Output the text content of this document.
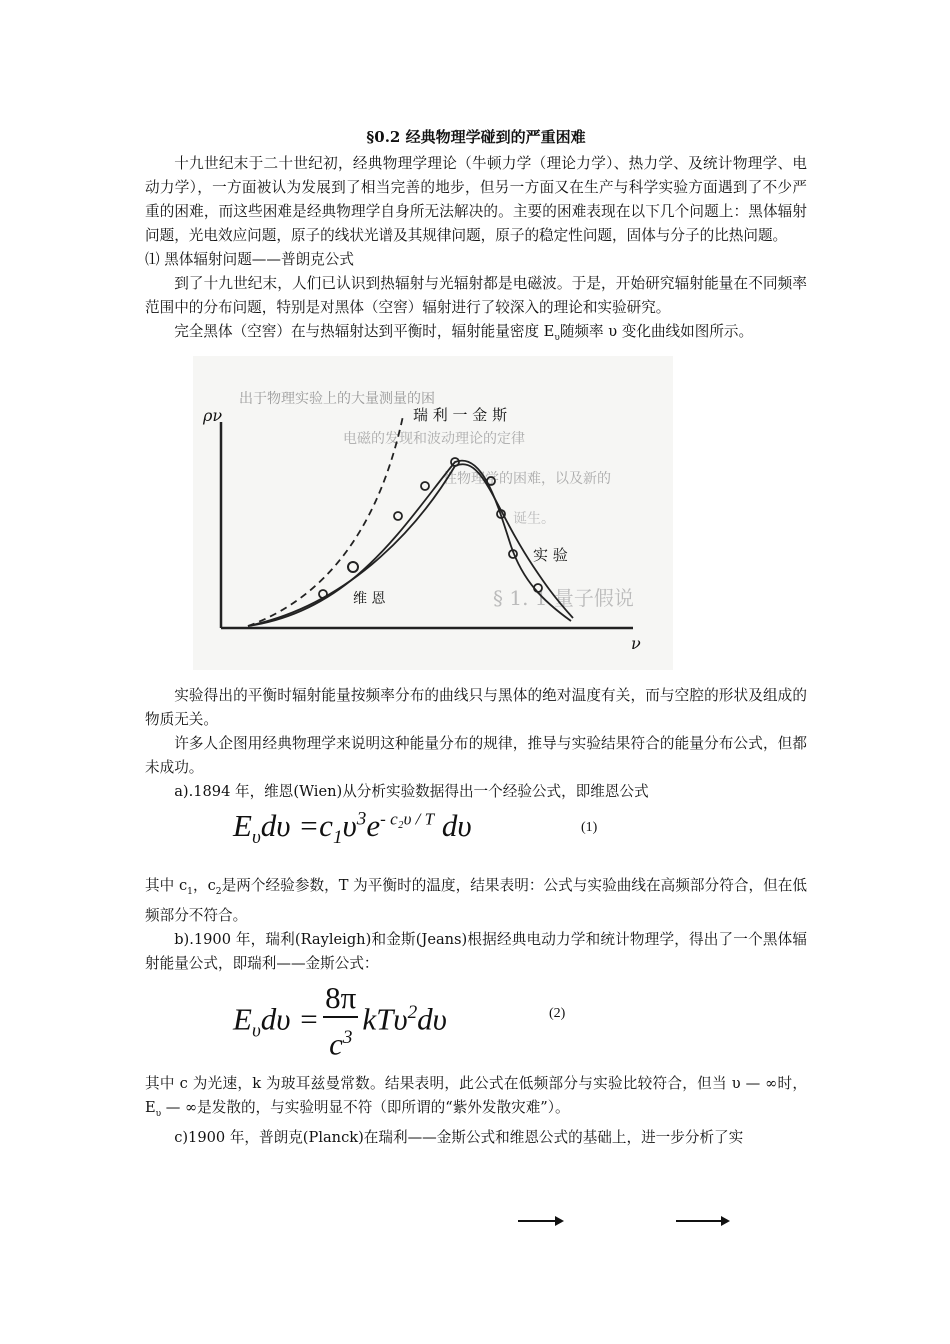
§0.2 经典物理学碰到的严重困难

十九世纪末于二十世纪初，经典物理学理论（牛顿力学（理论力学）、热力学、及统计物理学、电动力学），一方面被认为发展到了相当完善的地步，但另一方面又在生产与科学实验方面遇到了不少严重的困难，而这些困难是经典物理学自身所无法解决的。主要的困难表现在以下几个问题上：黑体辐射问题，光电效应问题，原子的线状光谱及其规律问题，原子的稳定性问题，固体与分子的比热问题。

⑴ 黑体辐射问题——普朗克公式

到了十九世纪末，人们已认识到热辐射与光辐射都是电磁波。于是，开始研究辐射能量在不同频率范围中的分布问题，特别是对黑体（空窖）辐射进行了较深入的理论和实验研究。

完全黑体（空窖）在与热辐射达到平衡时，辐射能量密度 $E_\upsilon$随频率 υ 变化曲线如图所示。

出于物理实验上的大量测量的困
电磁的发现和波动理论的定律
性物理学的困难，以及新的
诞生。
§ 1. 1 量子假说
ρν
ν
瑞 利 一 金 斯
实 验
维 恩

实验得出的平衡时辐射能量按频率分布的曲线只与黑体的绝对温度有关，而与空腔的形状及组成的物质无关。

许多人企图用经典物理学来说明这种能量分布的规律，推导与实验结果符合的能量分布公式，但都未成功。

a).1894 年，维恩(Wien)从分析实验数据得出一个经验公式，即维恩公式

$E_\upsilon d\upsilon =c_1\upsilon^3e^{- c_2\upsilon / T}$ dυ	(1)

其中 $c_1$，$c_2$是两个经验参数，T 为平衡时的温度，结果表明：公式与实验曲线在高频部分符合，但在低频部分不符合。

b).1900 年，瑞利(Rayleigh)和金斯(Jeans)根据经典电动力学和统计物理学，得出了一个黑体辐射能量公式，即瑞利——金斯公式：

$E_\upsilon d\upsilon = \frac{8\pi}{c^3} kT\upsilon^2d\upsilon$	(2)

其中 c 为光速，k 为玻耳兹曼常数。结果表明，此公式在低频部分与实验比较符合，但当 υ — ∞时，$E_\upsilon$ — ∞是发散的，与实验明显不符（即所谓的“紫外发散灾难”）。

c)1900 年，普朗克(Planck)在瑞利——金斯公式和维恩公式的基础上，进一步分析了实
